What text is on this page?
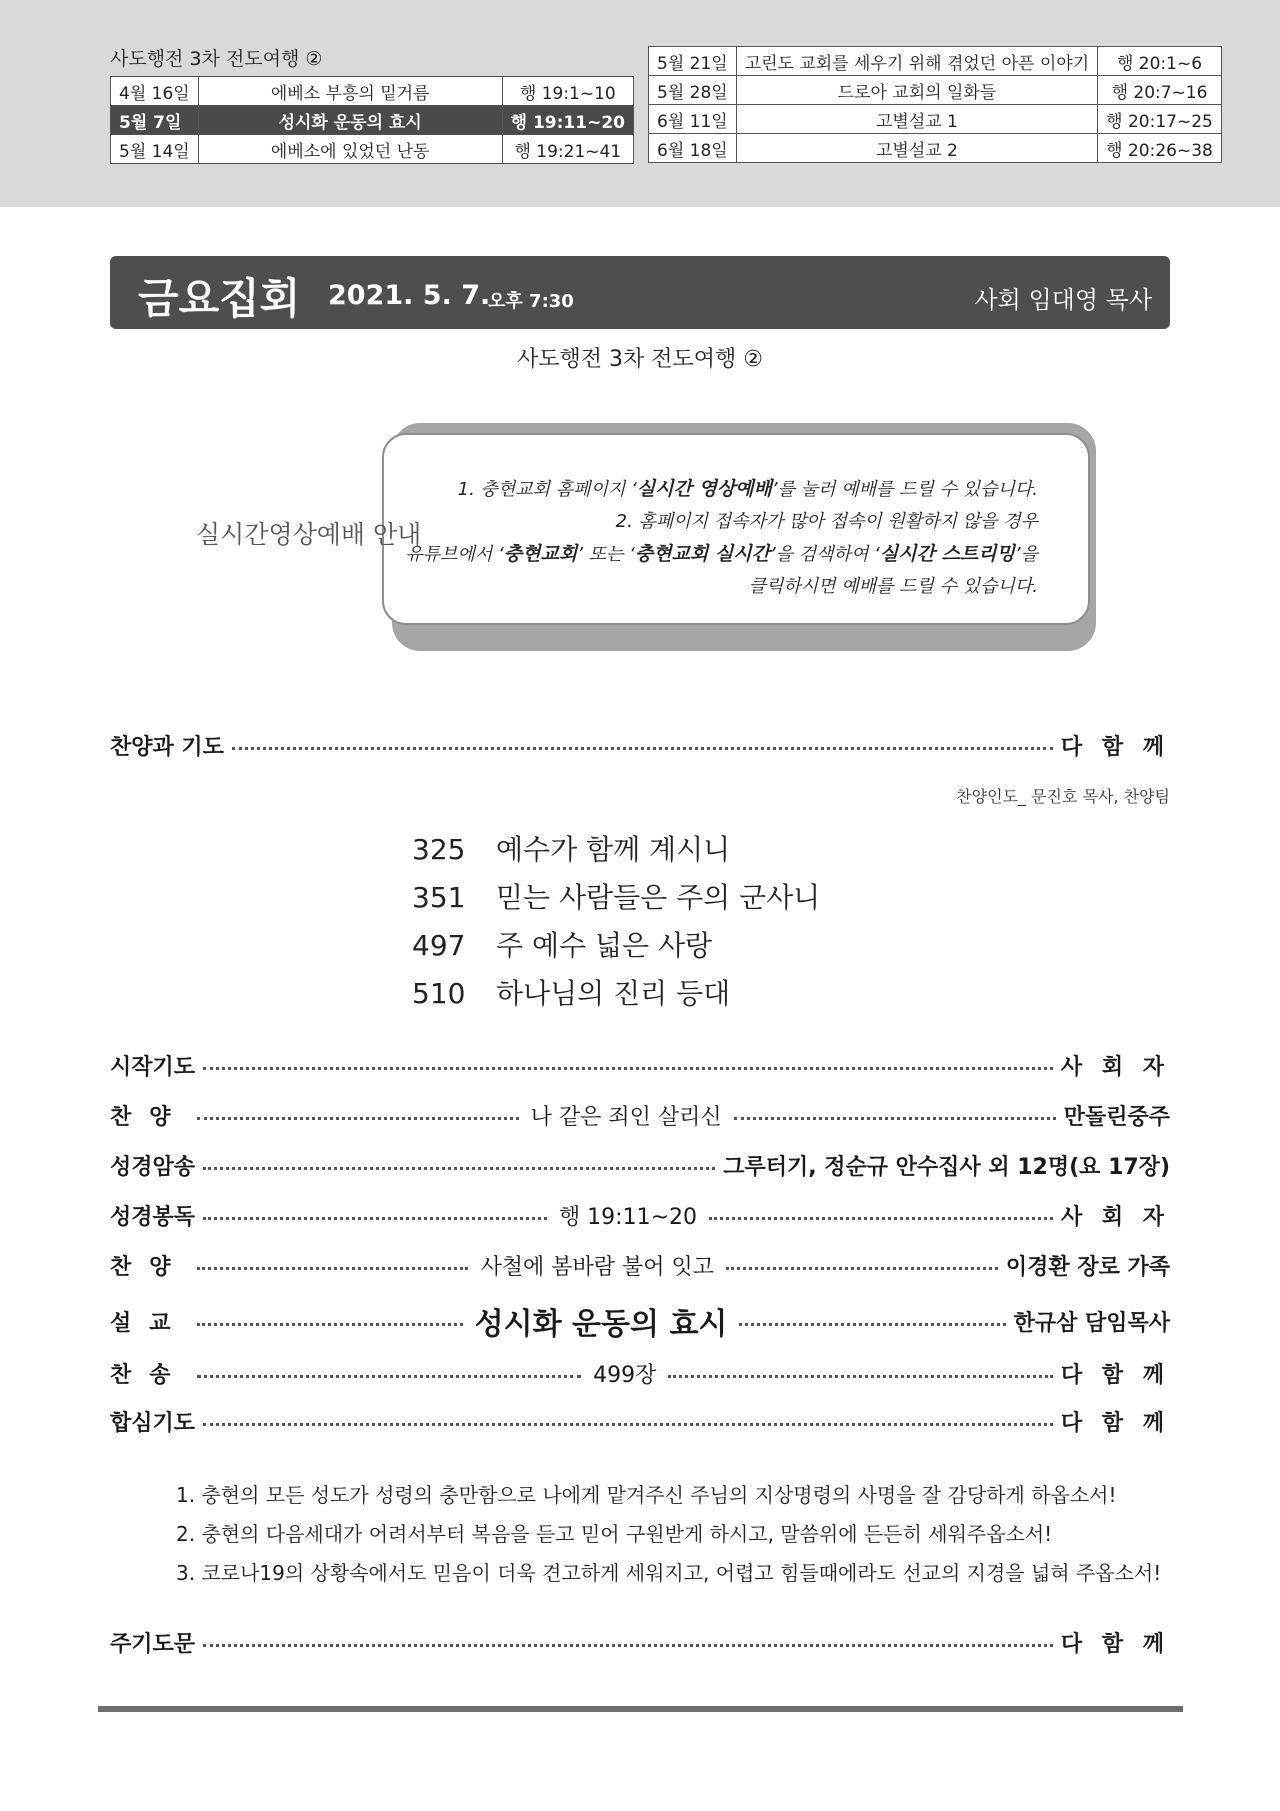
사도행전 3차 전도여행 ②
4월 16일	에베소 부흥의 밑거름	행 19:1~10
5월 7일	성시화 운동의 효시	행 19:11~20
5월 14일	에베소에 있었던 난동	행 19:21~41
5월 21일	고린도 교회를 세우기 위해 겪었던 아픈 이야기	행 20:1~6
5월 28일	드로아 교회의 일화들	행 20:7~16
6월 11일	고별설교 1	행 20:17~25
6월 18일	고별설교 2	행 20:26~38
금요집회 2021. 5. 7.
오후 7:30	사회 임대영 목사
사도행전 3차 전도여행 ②
실시간영상예배 안내
1. 충현교회 홈페이지 ‘실시간 영상예배’를 눌러 예배를 드릴 수 있습니다.
2. 홈페이지 접속자가 많아 접속이 원활하지 않을 경우
유튜브에서 ‘충현교회’ 또는 ‘충현교회 실시간’을 검색하여 ‘실시간 스트리밍’을
클릭하시면 예배를 드릴 수 있습니다.
찬양과 기도	다 함 께
찬양인도_ 문진호 목사, 찬양팀
325 예수가 함께 계시니
351 믿는 사람들은 주의 군사니
497 주 예수 넓은 사랑
510 하나님의 진리 등대
시작기도	사 회 자
찬양	나 같은 죄인 살리신	만돌린중주
성경암송	그루터기, 정순규 안수집사 외 12명(요 17장)
성경봉독	행 19:11~20	사 회 자
찬양	사철에 봄바람 불어 잇고	이경환 장로 가족
설교	성시화 운동의 효시	한규삼 담임목사
찬송	499장	다 함 께
합심기도	다 함 께
1. 충현의 모든 성도가 성령의 충만함으로 나에게 맡겨주신 주님의 지상명령의 사명을 잘 감당하게 하옵소서!
2. 충현의 다음세대가 어려서부터 복음을 듣고 믿어 구원받게 하시고, 말씀위에 든든히 세워주옵소서!
3. 코로나19의 상황속에서도 믿음이 더욱 견고하게 세워지고, 어렵고 힘들때에라도 선교의 지경을 넓혀 주옵소서!
주기도문	다 함 께
